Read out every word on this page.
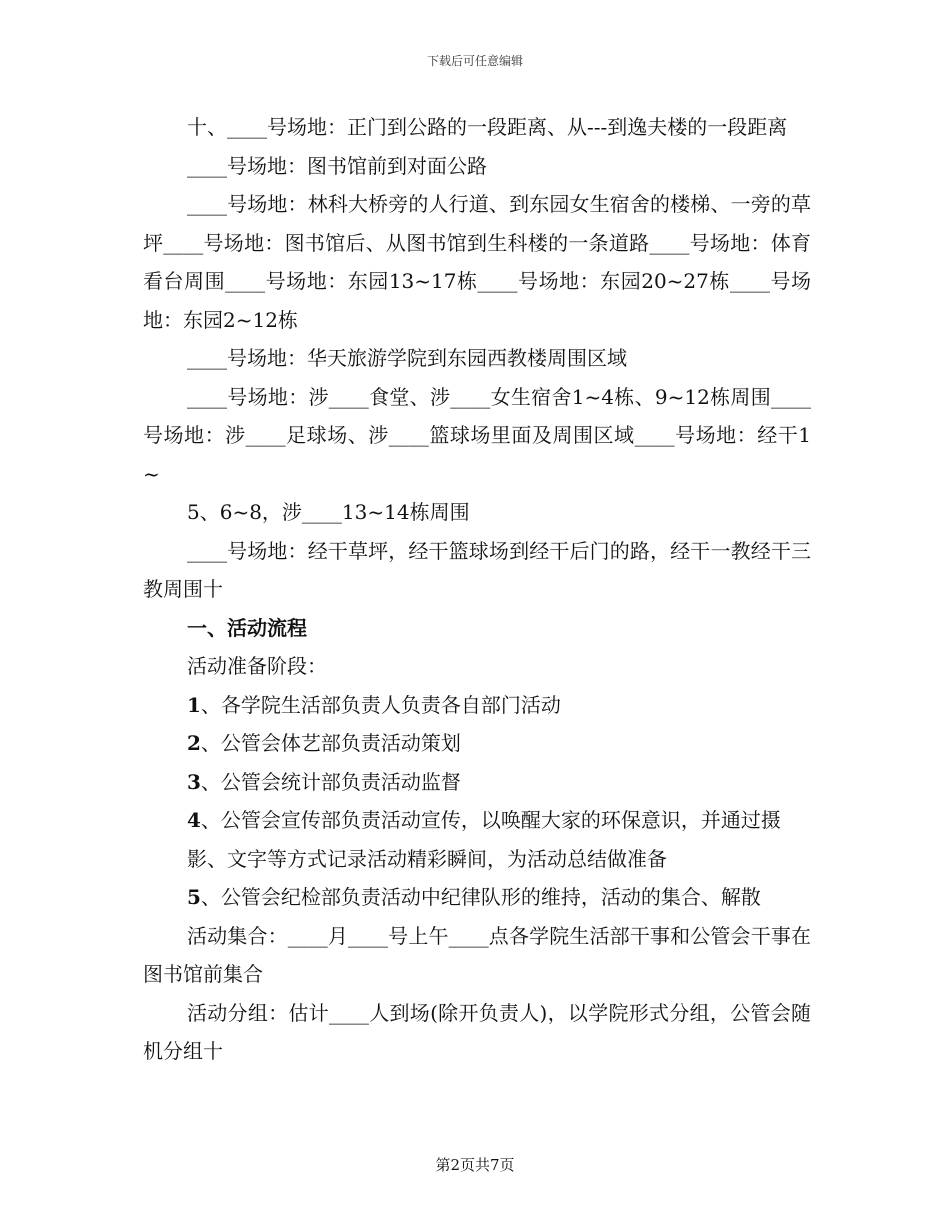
下载后可任意编辑

十、____号场地：正门到公路的一段距离、从---到逸夫楼的一段距离

____号场地：图书馆前到对面公路

____号场地：林科大桥旁的人行道、到东园女生宿舍的楼梯、一旁的草坪____号场地：图书馆后、从图书馆到生科楼的一条道路____号场地：体育看台周围____号场地：东园13~17栋____号场地：东园20~27栋____号场地：东园2~12栋

____号场地：华天旅游学院到东园西教楼周围区域

____号场地：涉____食堂、涉____女生宿舍1~4栋、9~12栋周围____号场地：涉____足球场、涉____篮球场里面及周围区域____号场地：经干1~

5、6~8，涉____13~14栋周围

____号场地：经干草坪，经干篮球场到经干后门的路，经干一教经干三教周围十

一、活动流程

活动准备阶段：

1、各学院生活部负责人负责各自部门活动

2、公管会体艺部负责活动策划

3、公管会统计部负责活动监督

4、公管会宣传部负责活动宣传，以唤醒大家的环保意识，并通过摄

影、文字等方式记录活动精彩瞬间，为活动总结做准备

5、公管会纪检部负责活动中纪律队形的维持，活动的集合、解散

活动集合：____月____号上午____点各学院生活部干事和公管会干事在图书馆前集合

活动分组：估计____人到场(除开负责人)，以学院形式分组，公管会随机分组十

第2页共7页
